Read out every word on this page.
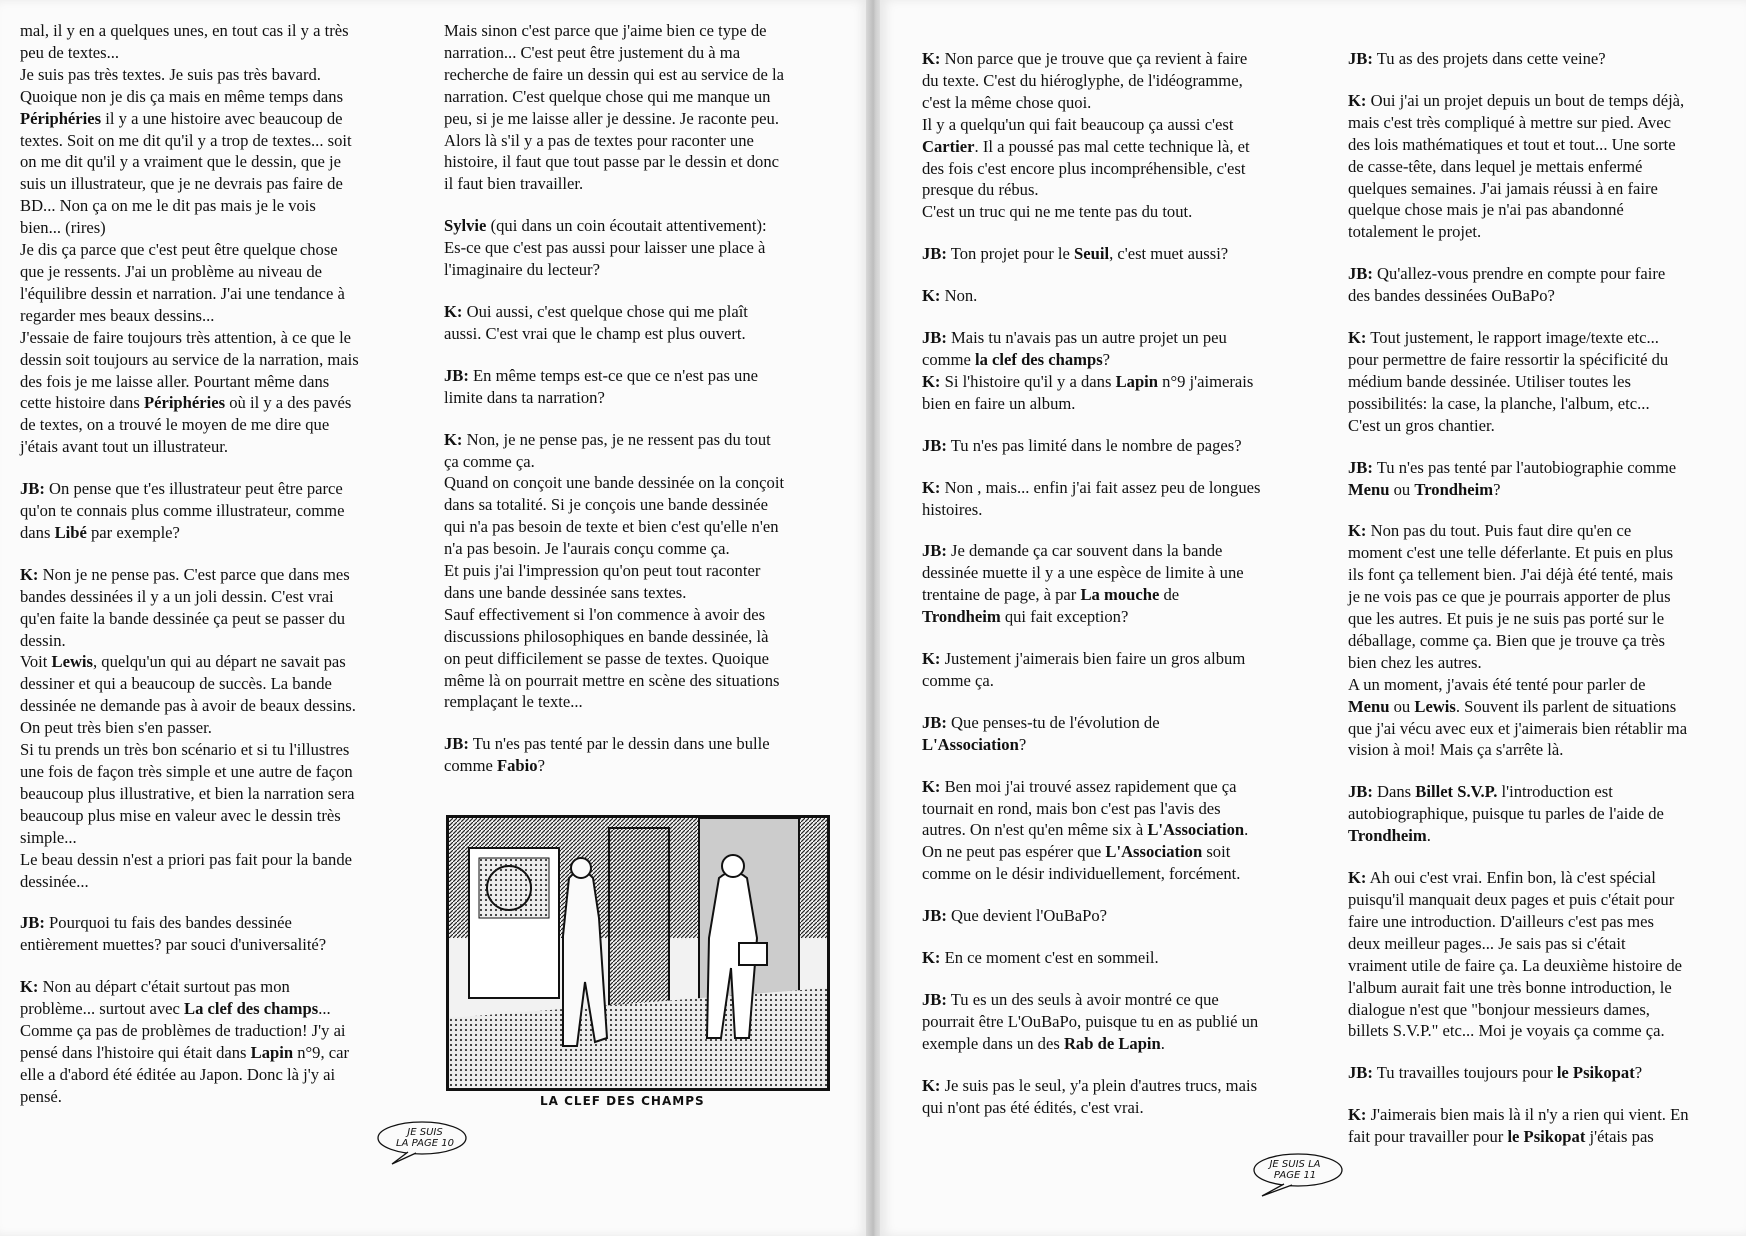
mal, il y en a quelques unes, en tout cas il y a très
peu de textes...
Je suis pas très textes. Je suis pas très bavard.
Quoique non je dis ça mais en même temps dans
Périphéries il y a une histoire avec beaucoup de
textes. Soit on me dit qu'il y a trop de textes... soit
on me dit qu'il y a vraiment que le dessin, que je
suis un illustrateur, que je ne devrais pas faire de
BD... Non ça on me le dit pas mais je le vois
bien... (rires)
Je dis ça parce que c'est peut être quelque chose
que je ressents. J'ai un problème au niveau de
l'équilibre dessin et narration. J'ai une tendance à
regarder mes beaux dessins...
J'essaie de faire toujours très attention, à ce que le
dessin soit toujours au service de la narration, mais
des fois je me laisse aller. Pourtant même dans
cette histoire dans Périphéries où il y a des pavés
de textes, on a trouvé le moyen de me dire que
j'étais avant tout un illustrateur.

JB: On pense que t'es illustrateur peut être parce
qu'on te connais plus comme illustrateur, comme
dans Libé par exemple?

K: Non je ne pense pas. C'est parce que dans mes
bandes dessinées il y a un joli dessin. C'est vrai
qu'en faite la bande dessinée ça peut se passer du
dessin.
Voit Lewis, quelqu'un qui au départ ne savait pas
dessiner et qui a beaucoup de succès. La bande
dessinée ne demande pas à avoir de beaux dessins.
On peut très bien s'en passer.
Si tu prends un très bon scénario et si tu l'illustres
une fois de façon très simple et une autre de façon
beaucoup plus illustrative, et bien la narration sera
beaucoup plus mise en valeur avec le dessin très
simple...
Le beau dessin n'est a priori pas fait pour la bande
dessinée...

JB: Pourquoi tu fais des bandes dessinée
entièrement muettes? par souci d'universalité?

K: Non au départ c'était surtout pas mon
problème... surtout avec La clef des champs...
Comme ça pas de problèmes de traduction! J'y ai
pensé dans l'histoire qui était dans Lapin n°9, car
elle a d'abord été éditée au Japon. Donc là j'y ai
pensé.

Mais sinon c'est parce que j'aime bien ce type de
narration... C'est peut être justement du à ma
recherche de faire un dessin qui est au service de la
narration. C'est quelque chose qui me manque un
peu, si je me laisse aller je dessine. Je raconte peu.
Alors là s'il y a pas de textes pour raconter une
histoire, il faut que tout passe par le dessin et donc
il faut bien travailler.

Sylvie (qui dans un coin écoutait attentivement):
Es-ce que c'est pas aussi pour laisser une place à
l'imaginaire du lecteur?

K: Oui aussi, c'est quelque chose qui me plaît
aussi. C'est vrai que le champ est plus ouvert.

JB: En même temps est-ce que ce n'est pas une
limite dans ta narration?

K: Non, je ne pense pas, je ne ressent pas du tout
ça comme ça.
Quand on conçoit une bande dessinée on la conçoit
dans sa totalité. Si je conçois une bande dessinée
qui n'a pas besoin de texte et bien c'est qu'elle n'en
n'a pas besoin. Je l'aurais conçu comme ça.
Et puis j'ai l'impression qu'on peut tout raconter
dans une bande dessinée sans textes.
Sauf effectivement si l'on commence à avoir des
discussions philosophiques en bande dessinée, là
on peut difficilement se passe de textes. Quoique
même là on pourrait mettre en scène des situations
remplaçant le texte...

JB: Tu n'es pas tenté par le dessin dans une bulle
comme Fabio?

LA CLEF DES CHAMPS
JE SUIS
LA PAGE 10

K: Non parce que je trouve que ça revient à faire
du texte. C'est du hiéroglyphe, de l'idéogramme,
c'est la même chose quoi.
Il y a quelqu'un qui fait beaucoup ça aussi c'est
Cartier. Il a poussé pas mal cette technique là, et
des fois c'est encore plus incompréhensible, c'est
presque du rébus.
C'est un truc qui ne me tente pas du tout.

JB: Ton projet pour le Seuil, c'est muet aussi?

K: Non.

JB: Mais tu n'avais pas un autre projet un peu
comme la clef des champs?
K: Si l'histoire qu'il y a dans Lapin n°9 j'aimerais
bien en faire un album.

JB: Tu n'es pas limité dans le nombre de pages?

K: Non , mais... enfin j'ai fait assez peu de longues
histoires.

JB: Je demande ça car souvent dans la bande
dessinée muette il y a une espèce de limite à une
trentaine de page, à par La mouche de
Trondheim qui fait exception?

K: Justement j'aimerais bien faire un gros album
comme ça.

JB: Que penses-tu de l'évolution de
L'Association?

K: Ben moi j'ai trouvé assez rapidement que ça
tournait en rond, mais bon c'est pas l'avis des
autres. On n'est qu'en même six à L'Association.
On ne peut pas espérer que L'Association soit
comme on le désir individuellement, forcément.

JB: Que devient l'OuBaPo?

K: En ce moment c'est en sommeil.

JB: Tu es un des seuls à avoir montré ce que
pourrait être L'OuBaPo, puisque tu en as publié un
exemple dans un des Rab de Lapin.

K: Je suis pas le seul, y'a plein d'autres trucs, mais
qui n'ont pas été édités, c'est vrai.

JB: Tu as des projets dans cette veine?

K: Oui j'ai un projet depuis un bout de temps déjà,
mais c'est très compliqué à mettre sur pied. Avec
des lois mathématiques et tout et tout... Une sorte
de casse-tête, dans lequel je mettais enfermé
quelques semaines. J'ai jamais réussi à en faire
quelque chose mais je n'ai pas abandonné
totalement le projet.

JB: Qu'allez-vous prendre en compte pour faire
des bandes dessinées OuBaPo?

K: Tout justement, le rapport image/texte etc...
pour permettre de faire ressortir la spécificité du
médium bande dessinée. Utiliser toutes les
possibilités: la case, la planche, l'album, etc...
C'est un gros chantier.

JB: Tu n'es pas tenté par l'autobiographie comme
Menu ou Trondheim?

K: Non pas du tout. Puis faut dire qu'en ce
moment c'est une telle déferlante. Et puis en plus
ils font ça tellement bien. J'ai déjà été tenté, mais
je ne vois pas ce que je pourrais apporter de plus
que les autres. Et puis je ne suis pas porté sur le
déballage, comme ça. Bien que je trouve ça très
bien chez les autres.
A un moment, j'avais été tenté pour parler de
Menu ou Lewis. Souvent ils parlent de situations
que j'ai vécu avec eux et j'aimerais bien rétablir ma
vision à moi! Mais ça s'arrête là.

JB: Dans Billet S.V.P. l'introduction est
autobiographique, puisque tu parles de l'aide de
Trondheim.

K: Ah oui c'est vrai. Enfin bon, là c'est spécial
puisqu'il manquait deux pages et puis c'était pour
faire une introduction. D'ailleurs c'est pas mes
deux meilleur pages... Je sais pas si c'était
vraiment utile de faire ça. La deuxième histoire de
l'album aurait fait une très bonne introduction, le
dialogue n'est que "bonjour messieurs dames,
billets S.V.P." etc... Moi je voyais ça comme ça.

JB: Tu travailles toujours pour le Psikopat?

K: J'aimerais bien mais là il n'y a rien qui vient. En
fait pour travailler pour le Psikopat j'étais pas

JE SUIS LA
PAGE 11
